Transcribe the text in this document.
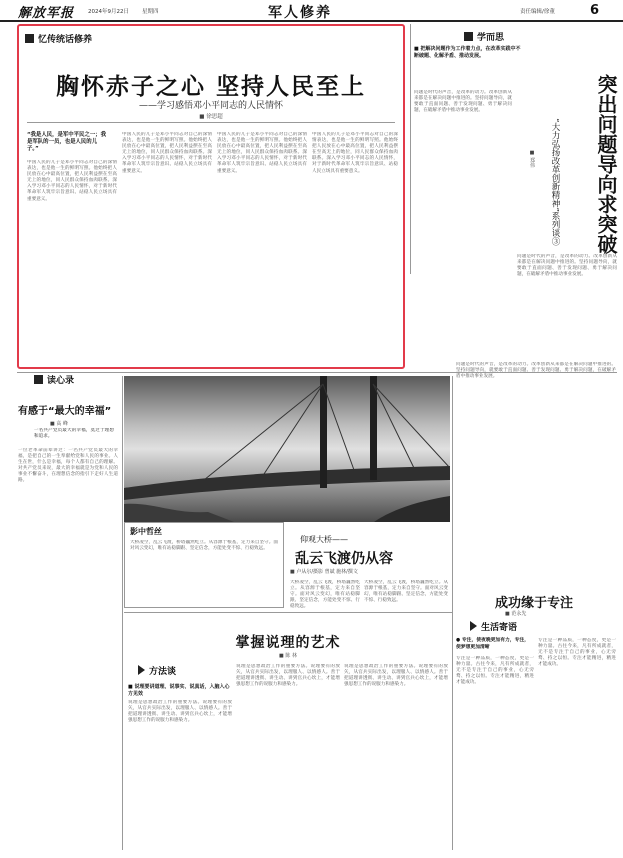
解放军报	2024年9月22日 星期四	军人修养	责任编辑/徐董	6
忆传统话修养
胸怀赤子之心 坚持人民至上
——学习感悟邓小平同志的人民情怀
■ 徐思超
“我是人民，是军中平民之一；我是军队的一员，也是人民的儿子。”
中国人民的儿子是邓小平同志对自己的深情表达，也是他一生的鲜明写照。他始终把人民放在心中最高位置，把人民利益摆在至高无上的地位，同人民群众保持血肉联系。深入学习邓小平同志的人民情怀，对于新时代革命军人筑牢宗旨意识、站稳人民立场具有重要意义。
中国人民的儿子是邓小平同志对自己的深情表达，也是他一生的鲜明写照。他始终把人民放在心中最高位置，把人民利益摆在至高无上的地位，同人民群众保持血肉联系。深入学习邓小平同志的人民情怀，对于新时代革命军人筑牢宗旨意识、站稳人民立场具有重要意义。
中国人民的儿子是邓小平同志对自己的深情表达，也是他一生的鲜明写照。他始终把人民放在心中最高位置，把人民利益摆在至高无上的地位，同人民群众保持血肉联系。深入学习邓小平同志的人民情怀，对于新时代革命军人筑牢宗旨意识、站稳人民立场具有重要意义。
中国人民的儿子是邓小平同志对自己的深情表达，也是他一生的鲜明写照。他始终把人民放在心中最高位置，把人民利益摆在至高无上的地位，同人民群众保持血肉联系。深入学习邓小平同志的人民情怀，对于新时代革命军人筑牢宗旨意识、站稳人民立场具有重要意义。
学而思
■ 把解决问题作为工作着力点，在改革实践中不断破题、化解矛盾、推动发展。
问题是时代的声音，是改革的动力。改革创新从来都是在解决问题中推进的。坚持问题导向，就要敢于直面问题、善于发现问题、勇于解决问题，在破解矛盾中推动事业发展。
问题是时代的声音，是改革的动力。改革创新从来都是在解决问题中推进的。坚持问题导向，就要敢于直面问题、善于发现问题、勇于解决问题，在破解矛盾中推动事业发展。
突出问题导向求突破
“大力弘扬改革创新精神”系列谈③
■ 郑伟
读心录
有感于“最大的幸福”
■ 高 峰
一名共产党员最大的幸福，莫过于理想和追求。
一位老革命前辈讲过：一名共产党员最大的幸福，是把自己的一生奉献给党和人民的事业。人生在世，什么是幸福，每个人都有自己的理解。对共产党员来说，最大的幸福就是为党和人民的事业不懈奋斗，在理想信念的指引下走好人生道路。
影中哲丝
大桥凌空，乱云飞渡，桥塔巍然屹立。从容源于根基，定力来自坚守。面对风云变幻，唯有站稳脚跟、坚定信念，方能处变不惊、行稳致远。
仰观大桥——
乱云飞渡仍从容
■ 卢从尔/摄影 曾斌 施林/撰文
大桥凌空，乱云飞渡，桥塔巍然屹立。从容源于根基，定力来自坚守。面对风云变幻，唯有站稳脚跟、坚定信念，方能处变不惊、行稳致远。
大桥凌空，乱云飞渡，桥塔巍然屹立。从容源于根基，定力来自坚守。面对风云变幻，唯有站稳脚跟、坚定信念，方能处变不惊、行稳致远。
问题是时代的声音，是改革的动力。改革创新从来都是在解决问题中推进的。坚持问题导向，就要敢于直面问题、善于发现问题、勇于解决问题，在破解矛盾中推动事业发展。
成功缘于专注
■ 范永先
掌握说理的艺术
■ 陈 林
方法谈
■ 说理要讲道理、说事实、说真话，入脑入心方见效
说理是思想政治工作的重要方法。说理要有的放矢，从官兵实际出发，以理服人、以情感人。善于把道理讲透彻、讲生动、讲到官兵心坎上，才能增强思想工作的说服力和感染力。
说理是思想政治工作的重要方法。说理要有的放矢，从官兵实际出发，以理服人、以情感人。善于把道理讲透彻、讲生动、讲到官兵心坎上，才能增强思想工作的说服力和感染力。
说理是思想政治工作的重要方法。说理要有的放矢，从官兵实际出发，以理服人、以情感人。善于把道理讲透彻、讲生动、讲到官兵心坎上，才能增强思想工作的说服力和感染力。
生活寄语
● 专注，使夜晚更加有力，专注，使梦想更加清晰
专注是一种品质，一种态度，更是一种力量。古往今来，凡有所成就者，无不是专注于自己的事业，心无旁骛、持之以恒。专注才能精进，精进才能成功。
专注是一种品质，一种态度，更是一种力量。古往今来，凡有所成就者，无不是专注于自己的事业，心无旁骛、持之以恒。专注才能精进，精进才能成功。
